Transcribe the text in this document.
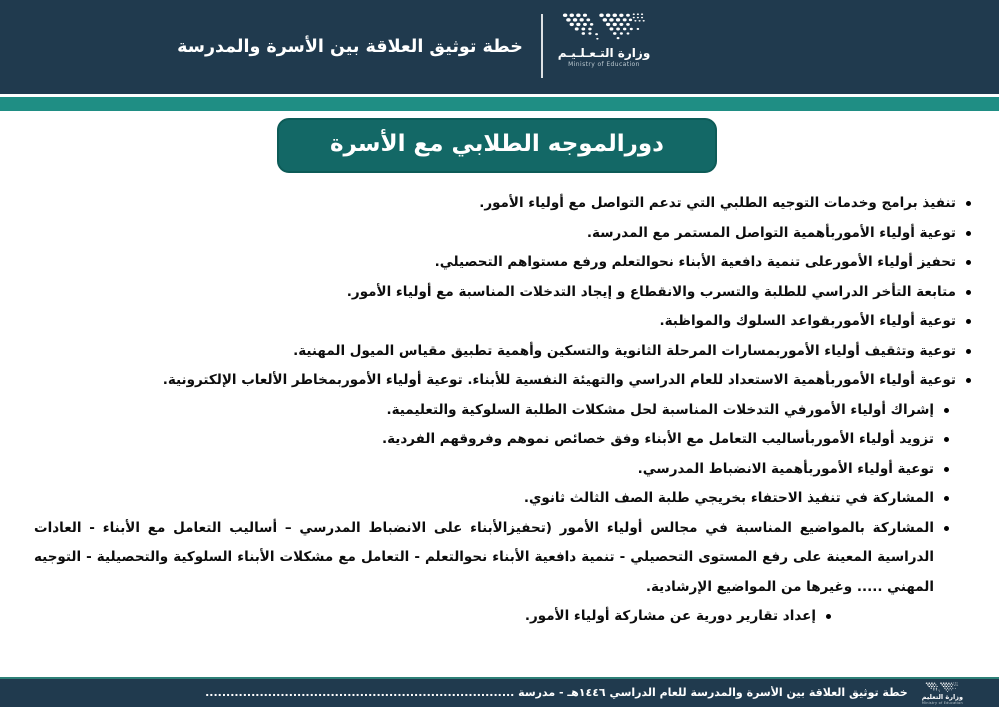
خطة توثيق العلاقة بين الأسرة والمدرسة	وزارة التـعـلـيـم
Ministry of Education
دورالموجه الطلابي مع الأسرة
تنفيذ برامج وخدمات التوجيه الطلبي التي تدعم التواصل مع أولياء الأمور.
توعية أولياء الأموربأهمية التواصل المستمر مع المدرسة.
تحفيز أولياء الأمورعلى تنمية دافعية الأبناء نحوالتعلم ورفع مستواهم التحصيلي.
متابعة التأخر الدراسي للطلبة والتسرب والانقطاع و إيجاد التدخلات المناسبة مع أولياء الأمور.
توعية أولياء الأموربقواعد السلوك والمواظبة.
توعية وتثقيف أولياء الأموربمسارات المرحلة الثانوية والتسكين وأهمية تطبيق مقياس الميول المهنية.
توعية أولياء الأموربأهمية الاستعداد للعام الدراسي والتهيئة النفسية للأبناء. توعية أولياء الأموربمخاطر الألعاب الإلكترونية.
إشراك أولياء الأمورفي التدخلات المناسبة لحل مشكلات الطلبة السلوكية والتعليمية.
تزويد أولياء الأموربأساليب التعامل مع الأبناء وفق خصائص نموهم وفروقهم الفردية.
توعية أولياء الأموربأهمية الانضباط المدرسي.
المشاركة في تنفيذ الاحتفاء بخريجي طلبة الصف الثالث ثانوي.
المشاركة بالمواضيع المناسبة في مجالس أولياء الأمور (تحفيزالأبناء على الانضباط المدرسي – أساليب التعامل مع الأبناء - العادات الدراسية المعينة على رفع المستوى التحصيلي - تنمية دافعية الأبناء نحوالتعلم - التعامل مع مشكلات الأبناء السلوكية والتحصيلية - التوجيه المهني ..... وغيرها من المواضيع الإرشادية.
إعداد تقارير دورية عن مشاركة أولياء الأمور.
وزارة التعليم
Ministry of Education
خطة توثيق العلاقة بين الأسرة والمدرسة للعام الدراسي ١٤٤٦هـ - مدرسة ..........................................................................
